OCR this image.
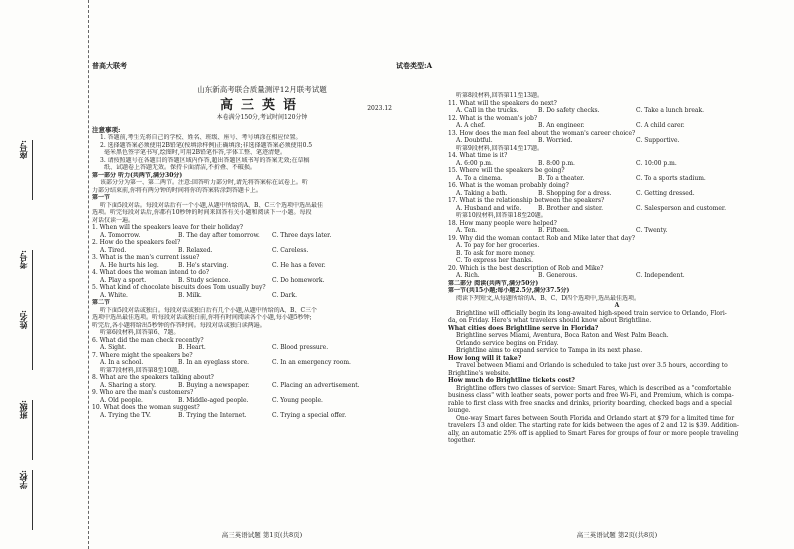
座号:
考号:
姓名:
班级:
学校:
普高大联考	试卷类型:A
山东新高考联合质量测评12月联考试题
高三英语	2023.12
本卷满分150分,考试时间120分钟
注意事项:
1. 答题前,考生先将自己的学校、姓名、班级、座号、考号填涂在相应位置。
2. 选择题答案必须使用2B铅笔(按填涂样例)正确填涂;非选择题答案必须使用0.5
毫米黑色签字笔书写,绘图时,可用2B铅笔作答,字体工整、笔迹清楚。
3. 请按照题号在各题目的答题区域内作答,超出答题区域书写的答案无效;在草稿
纸、试题卷上答题无效。保持卡面清洁,不折叠、不破损。
第一部分 听力(共两节,满分30分)
该部分分为第一、第二两节。注意:回答听力部分时,请先将答案标在试卷上。听
力部分结束前,你将有两分钟的时间将你的答案转涂到答题卡上。
第一节
听下面5段对话。每段对话后有一个小题,从题中所给的A、B、C三个选项中选出最佳
选项。听完每段对话后,你都有10秒钟的时间来回答有关小题和阅读下一小题。每段
对话仅读一遍。
1. When will the speakers leave for their holiday?
A. Tomorrow.	B. The day after tomorrow.	C. Three days later.
2. How do the speakers feel?
A. Tired.	B. Relaxed.	C. Careless.
3. What is the man's current issue?
A. He hurts his leg.	B. He's starving.	C. He has a fever.
4. What does the woman intend to do?
A. Play a sport.	B. Study science.	C. Do homework.
5. What kind of chocolate biscuits does Tom usually buy?
A. White.	B. Milk.	C. Dark.
第二节
听下面5段对话或独白。每段对话或独白后有几个小题,从题中所给的A、B、C三个
选项中选出最佳选项。听每段对话或独白前,你将有时间阅读各个小题,每小题5秒钟;
听完后,各小题将给出5秒钟的作答时间。每段对话或独白读两遍。
听第6段材料,回答第6、7题。
6. What did the man check recently?
A. Sight.	B. Heart.	C. Blood pressure.
7. Where might the speakers be?
A. In a school.	B. In an eyeglass store.	C. In an emergency room.
听第7段材料,回答第8至10题。
8. What are the speakers talking about?
A. Sharing a story.	B. Buying a newspaper.	C. Placing an advertisement.
9. Who are the man's customers?
A. Old people.	B. Middle-aged people.	C. Young people.
10. What does the woman suggest?
A. Trying the TV.	B. Trying the Internet.	C. Trying a special offer.
高三英语试题 第1页(共8页)
听第8段材料,回答第11至13题。
11. What will the speakers do next?
A. Call in the trucks.	B. Do safety checks.	C. Take a lunch break.
12. What is the woman's job?
A. A chef.	B. An engineer.	C. A child carer.
13. How does the man feel about the woman's career choice?
A. Doubtful.	B. Worried.	C. Supportive.
听第9段材料,回答第14至17题。
14. What time is it?
A. 6:00 p.m.	B. 8:00 p.m.	C. 10:00 p.m.
15. Where will the speakers be going?
A. To a cinema.	B. To a theater.	C. To a sports stadium.
16. What is the woman probably doing?
A. Taking a bath.	B. Shopping for a dress.	C. Getting dressed.
17. What is the relationship between the speakers?
A. Husband and wife.	B. Brother and sister.	C. Salesperson and customer.
听第10段材料,回答第18至20题。
18. How many people were helped?
A. Ten.	B. Fifteen.	C. Twenty.
19. Why did the woman contact Rob and Mike later that day?
A. To pay for her groceries.
B. To ask for more money.
C. To express her thanks.
20. Which is the best description of Rob and Mike?
A. Rich.	B. Generous.	C. Independent.
第二部分 阅读(共两节,满分50分)
第一节(共15小题;每小题2.5分,满分37.5分)
阅读下列短文,从每题所给的A、B、C、D四个选项中,选出最佳选项。
A
Brightline will officially begin its long-awaited high-speed train service to Orlando, Flori-
da, on Friday. Here's what travelers should know about Brightline.
What cities does Brightline serve in Florida?
Brightline serves Miami, Aventura, Boca Raton and West Palm Beach.
Orlando service begins on Friday.
Brightline aims to expand service to Tampa in its next phase.
How long will it take?
Travel between Miami and Orlando is scheduled to take just over 3.5 hours, according to
Brightline's website.
How much do Brightline tickets cost?
Brightline offers two classes of service: Smart Fares, which is described as a "comfortable
business class" with leather seats, power ports and free Wi-Fi, and Premium, which is compa-
rable to first class with free snacks and drinks, priority boarding, checked bags and a special
lounge.
One-way Smart fares between South Florida and Orlando start at $79 for a limited time for
travelers 13 and older. The starting rate for kids between the ages of 2 and 12 is $39. Addition-
ally, an automatic 25% off is applied to Smart Fares for groups of four or more people traveling
together.
高三英语试题 第2页(共8页)
